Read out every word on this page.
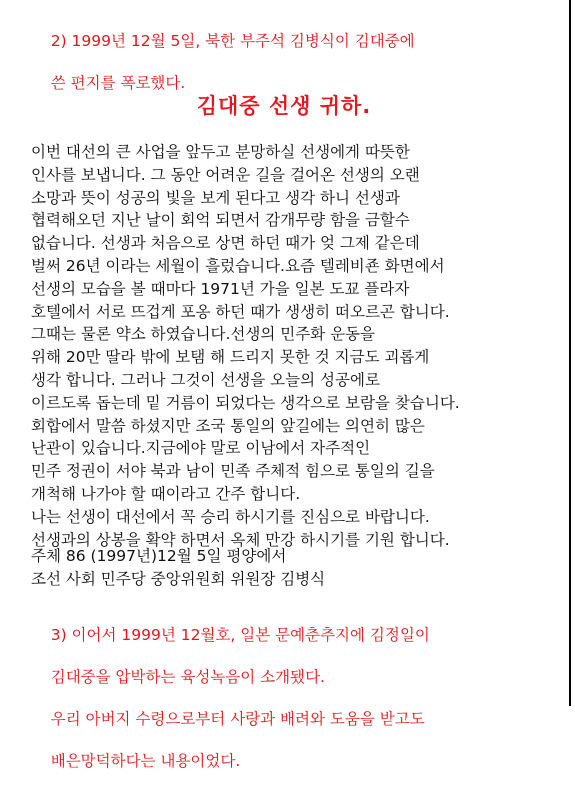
2) 1999년 12월 5일, 북한 부주석 김병식이 김대중에

쓴 편지를 폭로했다.

김대중 선생 귀하.
이번 대선의 큰 사업을 앞두고 분망하실 선생에게 따뜻한
인사를 보냅니다. 그 동안 어려운 길을 걸어온 선생의 오랜
소망과 뜻이 성공의 빛을 보게 된다고 생각 하니 선생과
협력해오던 지난 날이 회억 되면서 감개무량 함을 금할수
없습니다. 선생과 처음으로 상면 하던 때가 엊 그제 같은데
벌써 26년 이라는 세월이 흘렀습니다.요즘 텔레비죤 화면에서
선생의 모습을 볼 때마다 1971년 가을 일본 도꾜 플라자
호텔에서 서로 뜨겁게 포옹 하던 때가 생생히 떠오르곤 합니다.
그때는 물론 약소 하였습니다.선생의 민주화 운동을
위해 20만 딸라 밖에 보탬 해 드리지 못한 것 지금도 괴롭게
생각 합니다. 그러나 그것이 선생을 오늘의 성공에로
이르도록 돕는데 밑 거름이 되었다는 생각으로 보람을 찾습니다.
회합에서 말씀 하셨지만 조국 통일의 앞길에는 의연히 많은
난관이 있습니다.지금에야 말로 이남에서 자주적인
민주 정권이 서야 북과 남이 민족 주체적 힘으로 통일의 길을
개척해 나가야 할 때이라고 간주 합니다.
나는 선생이 대선에서 꼭 승리 하시기를 진심으로 바랍니다.
선생과의 상봉을 확약 하면서 옥체 만강 하시기를 기원 합니다.
주체 86 (1997년)12월 5일 평양에서
조선 사회 민주당 중앙위원회 위원장 김병식

3) 이어서 1999년 12월호, 일본 문예춘추지에 김정일이

김대중을 압박하는 육성녹음이 소개됐다.

우리 아버지 수령으로부터 사랑과 배려와 도움을 받고도

배은망덕하다는 내용이었다.
